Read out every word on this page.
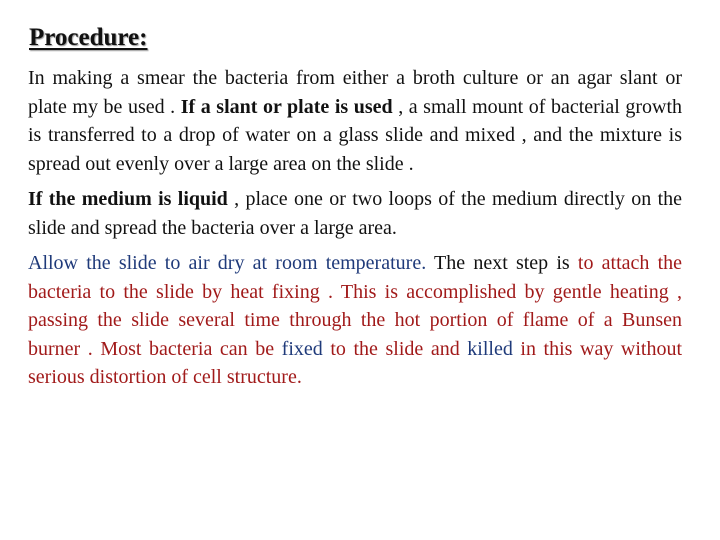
Procedure:

In making a smear the bacteria from either a broth culture or an agar slant or plate my be used . If a slant or plate is used , a small mount of bacterial growth is transferred to a drop of water on a glass slide and mixed , and the mixture is spread out evenly over a large area on the slide .

If the medium is liquid , place one or two loops of the medium directly on the slide and spread the bacteria over a large area.

Allow the slide to air dry at room temperature. The next step is to attach the bacteria to the slide by heat fixing . This is accomplished by gentle heating , passing the slide several time through the hot portion of flame of a Bunsen burner . Most bacteria can be fixed to the slide and killed in this way without serious distortion of cell structure.
